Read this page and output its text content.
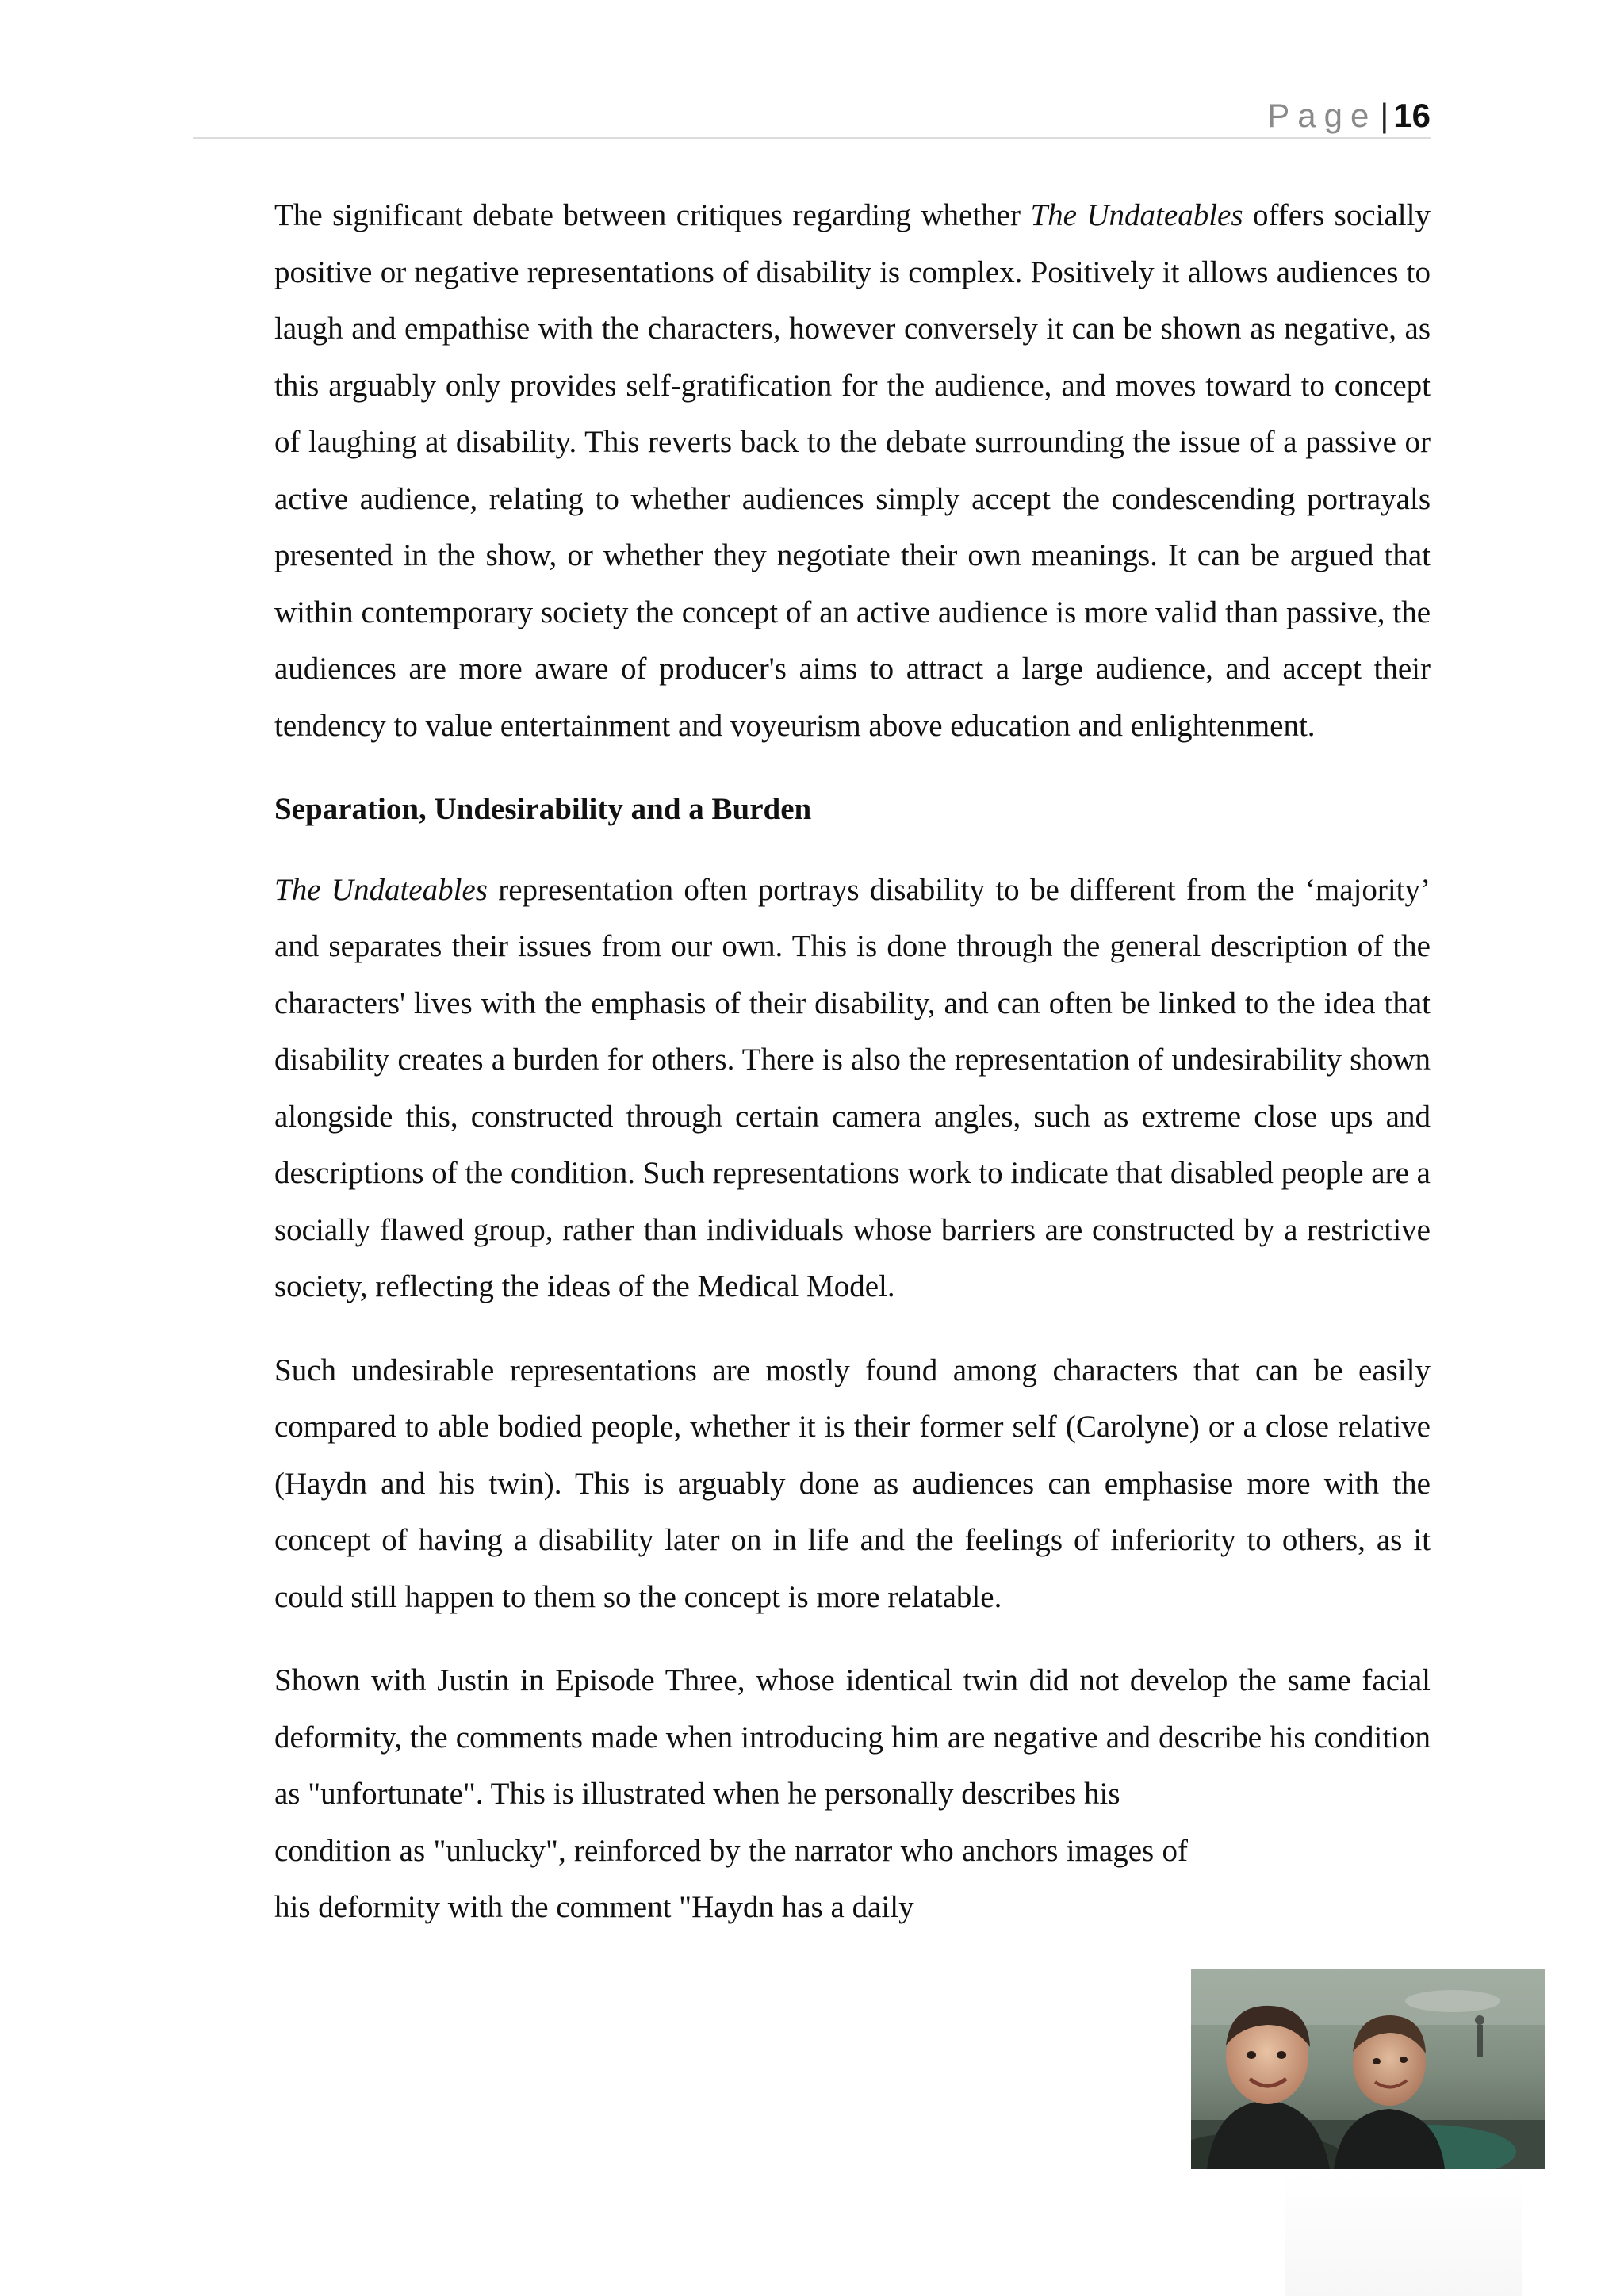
Page| 16

The significant debate between critiques regarding whether The Undateables offers socially positive or negative representations of disability is complex. Positively it allows audiences to laugh and empathise with the characters, however conversely it can be shown as negative, as this arguably only provides self-gratification for the audience, and moves toward to concept of laughing at disability. This reverts back to the debate surrounding the issue of a passive or active audience, relating to whether audiences simply accept the condescending portrayals presented in the show, or whether they negotiate their own meanings. It can be argued that within contemporary society the concept of an active audience is more valid than passive, the audiences are more aware of producer's aims to attract a large audience, and accept their tendency to value entertainment and voyeurism above education and enlightenment.

Separation, Undesirability and a Burden

The Undateables representation often portrays disability to be different from the ‘majority’ and separates their issues from our own. This is done through the general description of the characters' lives with the emphasis of their disability, and can often be linked to the idea that disability creates a burden for others. There is also the representation of undesirability shown alongside this, constructed through certain camera angles, such as extreme close ups and descriptions of the condition. Such representations work to indicate that disabled people are a socially flawed group, rather than individuals whose barriers are constructed by a restrictive society, reflecting the ideas of the Medical Model.

Such undesirable representations are mostly found among characters that can be easily compared to able bodied people, whether it is their former self (Carolyne) or a close relative (Haydn and his twin). This is arguably done as audiences can emphasise more with the concept of having a disability later on in life and the feelings of inferiority to others, as it could still happen to them so the concept is more relatable.

Shown with Justin in Episode Three, whose identical twin did not develop the same facial deformity, the comments made when introducing him are negative and describe his condition as "unfortunate". This is illustrated when he personally describes his

condition as "unlucky", reinforced by the narrator who anchors images of his deformity with the comment "Haydn has a daily
